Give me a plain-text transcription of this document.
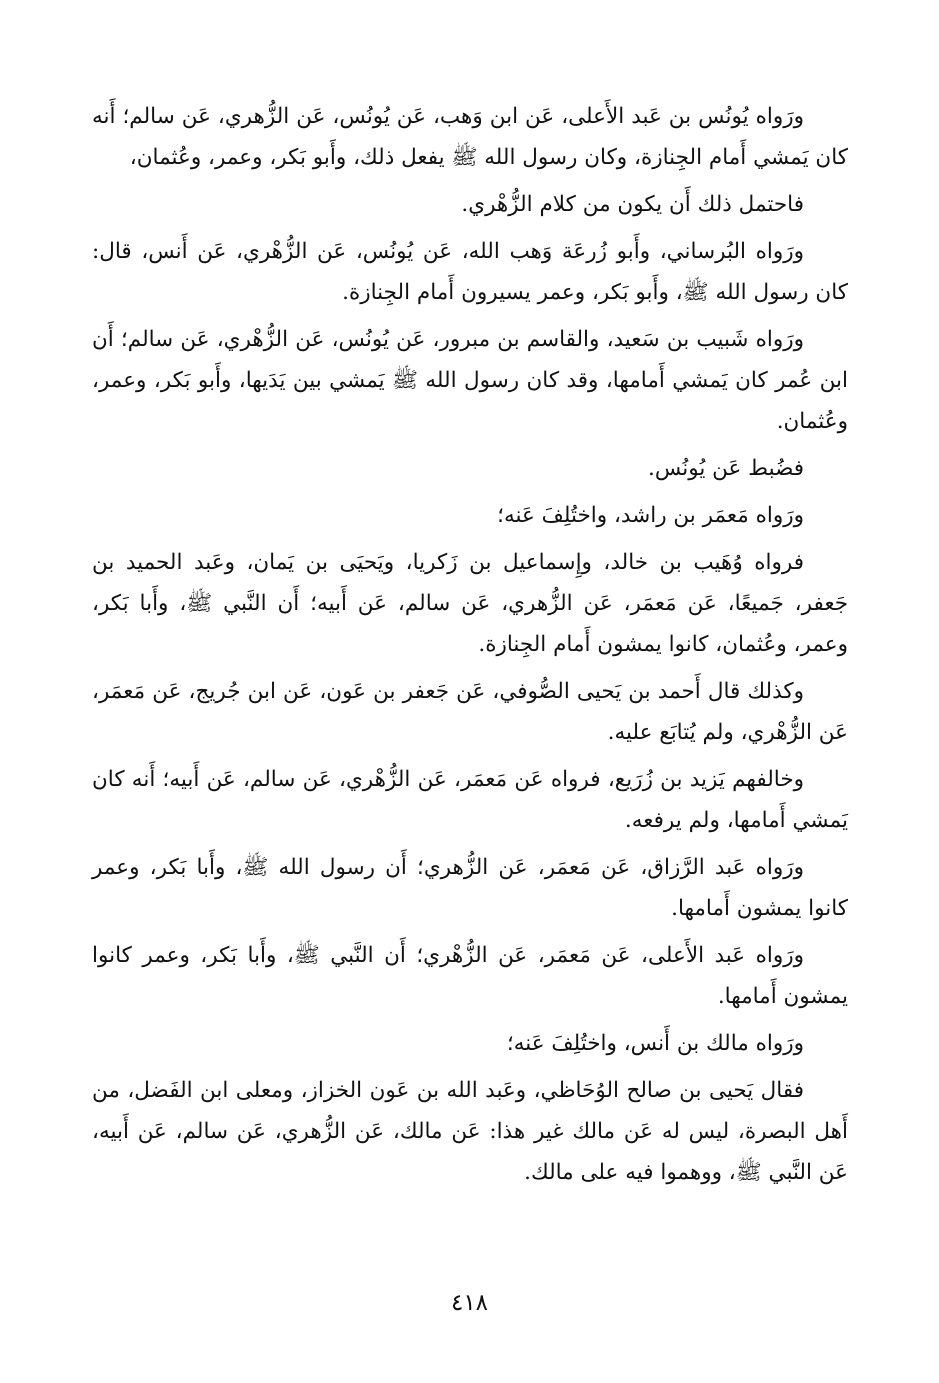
ورَواه يُونُس بن عَبد الأَعلى، عَن ابن وَهب، عَن يُونُس، عَن الزُّهري، عَن سالم؛ أَنه كان يَمشي أَمام الجِنازة، وكان رسول الله ﷺ يفعل ذلك، وأَبو بَكر، وعمر، وعُثمان،

فاحتمل ذلك أَن يكون من كلام الزُّهْري.

ورَواه البُرساني، وأَبو زُرعَة وَهب الله، عَن يُونُس، عَن الزُّهْري، عَن أَنس، قال: كان رسول الله ﷺ، وأَبو بَكر، وعمر يسيرون أَمام الجِنازة.

ورَواه شَبيب بن سَعيد، والقاسم بن مبرور، عَن يُونُس، عَن الزُّهْري، عَن سالم؛ أَن ابن عُمر كان يَمشي أَمامها، وقد كان رسول الله ﷺ يَمشي بين يَدَيها، وأَبو بَكر، وعمر، وعُثمان.

فضُبط عَن يُونُس.

ورَواه مَعمَر بن راشد، واختُلِفَ عَنه؛

فرواه وُهَيب بن خالد، وإِسماعيل بن زَكريا، ويَحيَى بن يَمان، وعَبد الحميد بن جَعفر، جَميعًا، عَن مَعمَر، عَن الزُّهري، عَن سالم، عَن أَبيه؛ أَن النَّبي ﷺ، وأَبا بَكر، وعمر، وعُثمان، كانوا يمشون أَمام الجِنازة.

وكذلك قال أَحمد بن يَحيى الصُّوفي، عَن جَعفر بن عَون، عَن ابن جُريج، عَن مَعمَر، عَن الزُّهْري، ولم يُتابَع عليه.

وخالفهم يَزيد بن زُرَيع، فرواه عَن مَعمَر، عَن الزُّهْري، عَن سالم، عَن أَبيه؛ أَنه كان يَمشي أَمامها، ولم يرفعه.

ورَواه عَبد الرَّزاق، عَن مَعمَر، عَن الزُّهري؛ أَن رسول الله ﷺ، وأَبا بَكر، وعمر كانوا يمشون أَمامها.

ورَواه عَبد الأَعلى، عَن مَعمَر، عَن الزُّهْري؛ أَن النَّبي ﷺ، وأَبا بَكر، وعمر كانوا يمشون أَمامها.

ورَواه مالك بن أَنس، واختُلِفَ عَنه؛

فقال يَحيى بن صالح الوُحَاظي، وعَبد الله بن عَون الخزاز، ومعلى ابن الفَضل، من أَهل البصرة، ليس له عَن مالك غير هذا: عَن مالك، عَن الزُّهري، عَن سالم، عَن أَبيه، عَن النَّبي ﷺ، ووهموا فيه على مالك.

٤١٨
